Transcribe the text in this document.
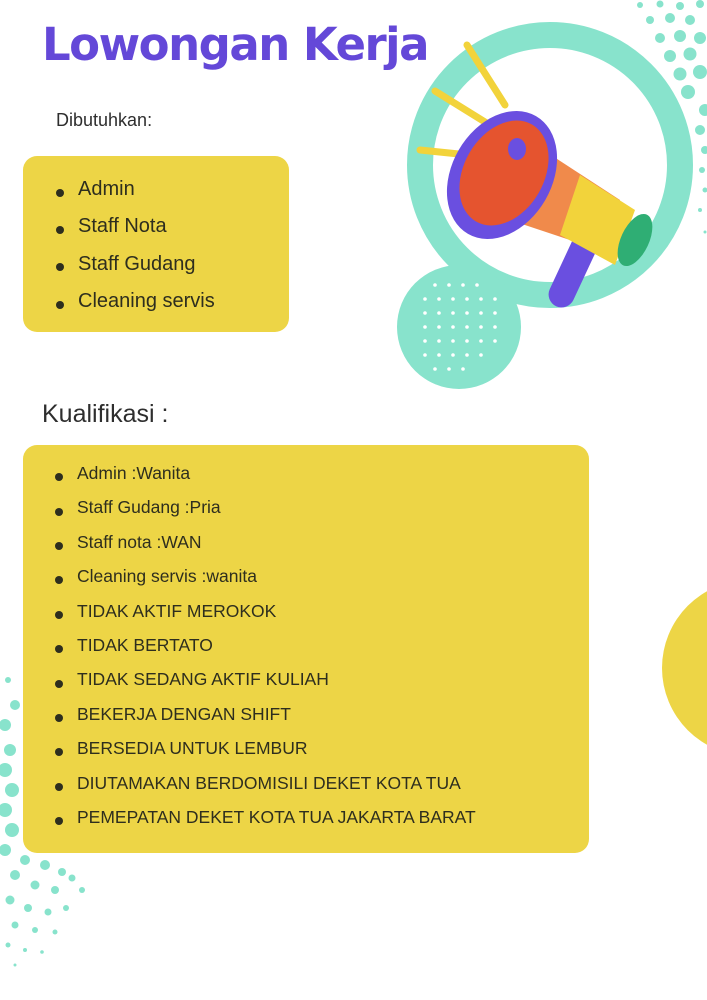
Lowongan Kerja
Dibutuhkan:
Admin
Staff Nota
Staff Gudang
Cleaning servis
Kualifikasi :
Admin :Wanita
Staff Gudang :Pria
Staff nota :WAN
Cleaning servis :wanita
TIDAK AKTIF MEROKOK
TIDAK BERTATO
TIDAK SEDANG AKTIF KULIAH
BEKERJA DENGAN SHIFT
BERSEDIA UNTUK LEMBUR
DIUTAMAKAN BERDOMISILI DEKET KOTA TUA
PEMEPATAN DEKET KOTA TUA JAKARTA BARAT
